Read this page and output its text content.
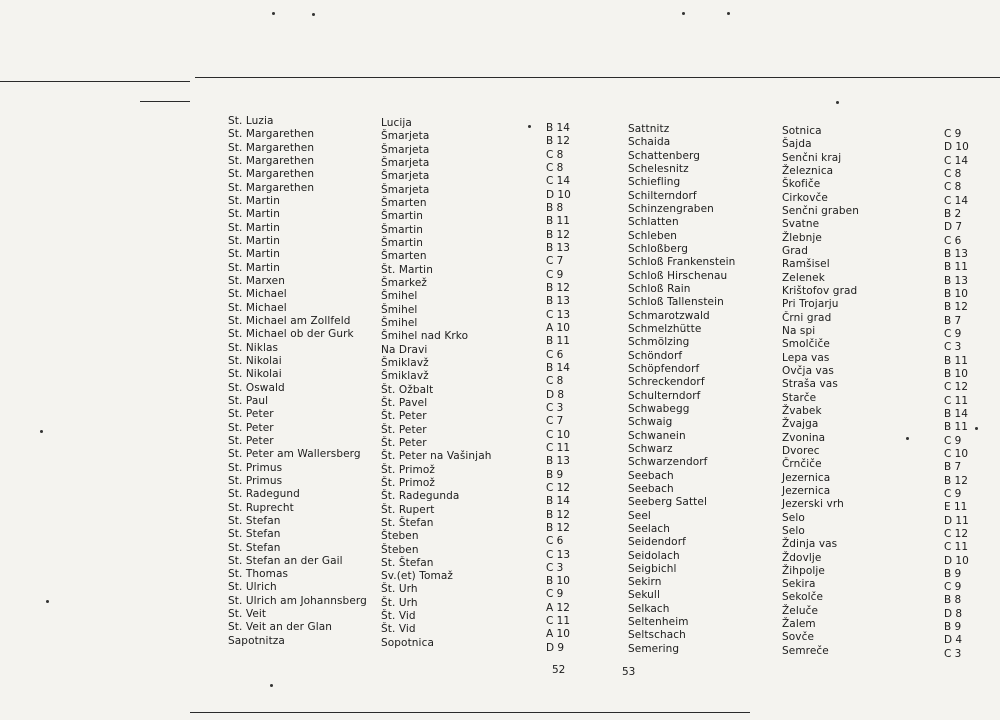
St. Luzia
St. Margarethen
St. Margarethen
St. Margarethen
St. Margarethen
St. Margarethen
St. Martin
St. Martin
St. Martin
St. Martin
St. Martin
St. Martin
St. Marxen
St. Michael
St. Michael
St. Michael am Zollfeld
St. Michael ob der Gurk
St. Niklas
St. Nikolai
St. Nikolai
St. Oswald
St. Paul
St. Peter
St. Peter
St. Peter
St. Peter am Wallersberg
St. Primus
St. Primus
St. Radegund
St. Ruprecht
St. Stefan
St. Stefan
St. Stefan
St. Stefan an der Gail
St. Thomas
St. Ulrich
St. Ulrich am Johannsberg
St. Veit
St. Veit an der Glan
Sapotnitza
Lucija
Šmarjeta
Šmarjeta
Šmarjeta
Šmarjeta
Šmarjeta
Šmarten
Šmartin
Šmartin
Šmartin
Šmarten
Št. Martin
Šmarkež
Šmihel
Šmihel
Šmihel
Šmihel nad Krko
Na Dravi
Šmiklavž
Šmiklavž
Št. Ožbalt
Št. Pavel
Št. Peter
Št. Peter
Št. Peter
Št. Peter na Vašinjah
Št. Primož
Št. Primož
Št. Radegunda
Št. Rupert
St. Štefan
Šteben
Šteben
St. Štefan
Sv.(et) Tomaž
Št. Urh
Št. Urh
Št. Vid
Št. Vid
Sopotnica
B 14
B 12
C 8
C 8
C 14
D 10
B 8
B 11
B 12
B 13
C 7
C 9
B 12
B 13
C 13
A 10
B 11
C 6
B 14
C 8
D 8
C 3
C 7
C 10
C 11
B 13
B 9
C 12
B 14
B 12
B 12
C 6
C 13
C 3
B 10
C 9
A 12
C 11
A 10
D 9
52
Sattnitz
Schaida
Schattenberg
Schelesnitz
Schiefling
Schilterndorf
Schinzengraben
Schlatten
Schleben
Schloßberg
Schloß Frankenstein
Schloß Hirschenau
Schloß Rain
Schloß Tallenstein
Schmarotzwald
Schmelzhütte
Schmölzing
Schöndorf
Schöpfendorf
Schreckendorf
Schulterndorf
Schwabegg
Schwaig
Schwanein
Schwarz
Schwarzendorf
Seebach
Seebach
Seeberg Sattel
Seel
Seelach
Seidendorf
Seidolach
Seigbichl
Sekirn
Sekull
Selkach
Seltenheim
Seltschach
Semering
Sotnica
Šajda
Senčni kraj
Železnica
Škofiče
Cirkovče
Senčni graben
Svatne
Žlebnje
Grad
Ramšisel
Zelenek
Krištofov grad
Pri Trojarju
Črni grad
Na spi
Smolčiče
Lepa vas
Ovčja vas
Straša vas
Starče
Žvabek
Žvajga
Zvonina
Dvorec
Črnčiče
Jezernica
Jezernica
Jezerski vrh
Selo
Selo
Ždinja vas
Ždovlje
Žihpolje
Sekira
Sekolče
Želuče
Žalem
Sovče
Semreče
C 9
D 10
C 14
C 8
C 8
C 14
B 2
D 7
C 6
B 13
B 11
B 13
B 10
B 12
B 7
C 9
C 3
B 11
B 10
C 12
C 11
B 14
B 11
C 9
C 10
B 7
B 12
C 9
E 11
D 11
C 12
C 11
D 10
B 9
C 9
B 8
D 8
B 9
D 4
C 3
53
